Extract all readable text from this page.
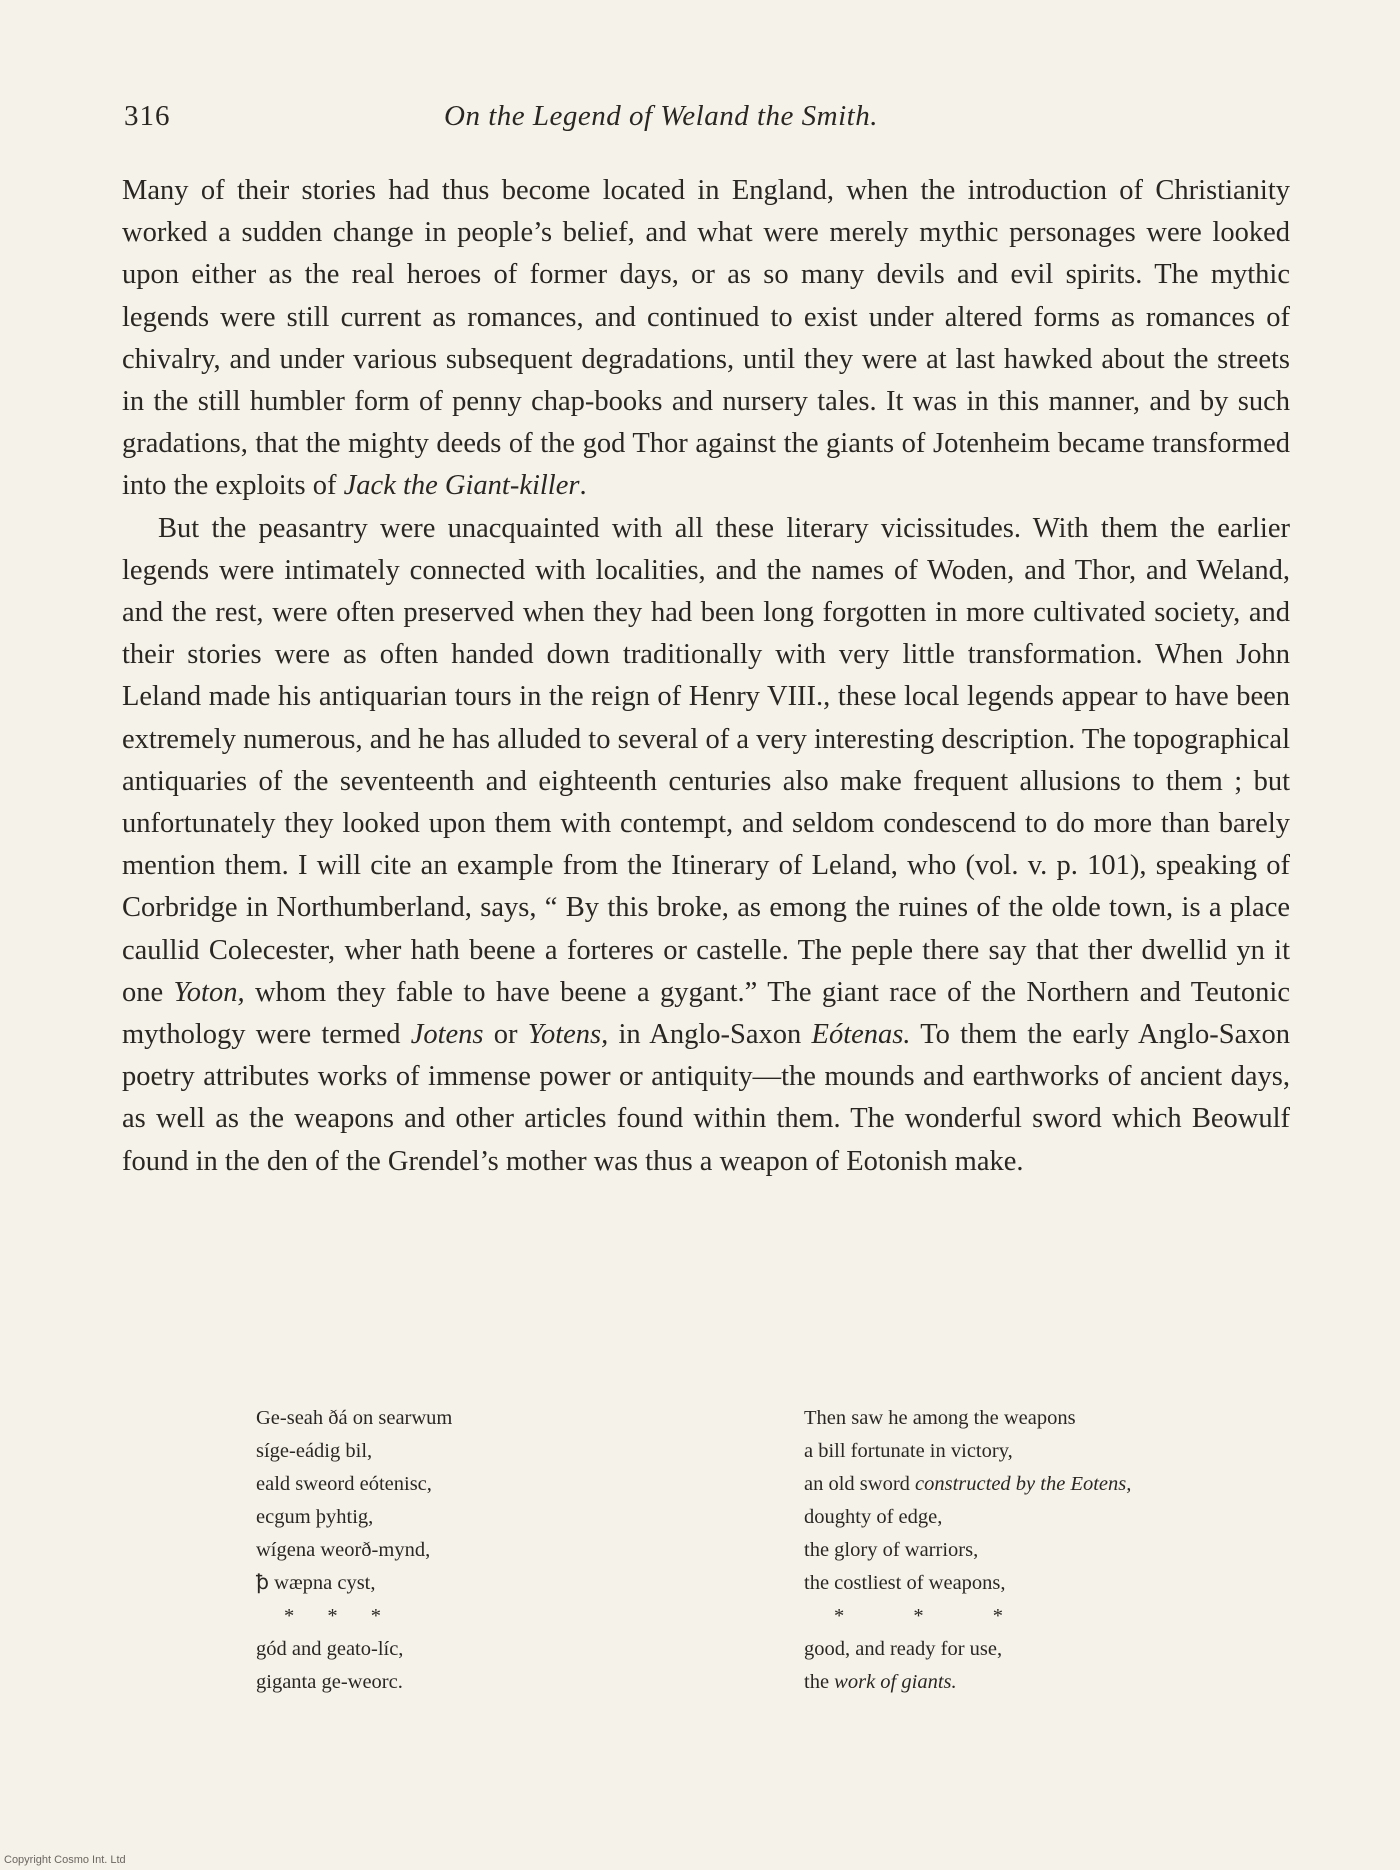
316	On the Legend of Weland the Smith.

Many of their stories had thus become located in England, when the introduction of Christianity worked a sudden change in people’s belief, and what were merely mythic personages were looked upon either as the real heroes of former days, or as so many devils and evil spirits. The mythic legends were still current as romances, and continued to exist under altered forms as romances of chivalry, and under various subsequent degradations, until they were at last hawked about the streets in the still humbler form of penny chap-books and nursery tales. It was in this manner, and by such gradations, that the mighty deeds of the god Thor against the giants of Jotenheim became transformed into the exploits of Jack the Giant-killer.

But the peasantry were unacquainted with all these literary vicissitudes. With them the earlier legends were intimately connected with localities, and the names of Woden, and Thor, and Weland, and the rest, were often preserved when they had been long forgotten in more cultivated society, and their stories were as often handed down traditionally with very little transformation. When John Leland made his antiquarian tours in the reign of Henry VIII., these local legends appear to have been extremely numerous, and he has alluded to several of a very interesting description. The topographical antiquaries of the seventeenth and eighteenth centuries also make frequent allusions to them ; but unfortunately they looked upon them with contempt, and seldom condescend to do more than barely mention them. I will cite an example from the Itinerary of Leland, who (vol. v. p. 101), speaking of Corbridge in Northumberland, says, “ By this broke, as emong the ruines of the olde town, is a place caullid Colecester, wher hath beene a forteres or castelle. The peple there say that ther dwellid yn it one Yoton, whom they fable to have beene a gygant.” The giant race of the Northern and Teutonic mythology were termed Jotens or Yotens, in Anglo-Saxon Eótenas. To them the early Anglo-Saxon poetry attributes works of immense power or antiquity—the mounds and earthworks of ancient days, as well as the weapons and other articles found within them. The wonderful sword which Beowulf found in the den of the Grendel’s mother was thus a weapon of Eotonish make.

Ge-seah ðá on searwum
síge-eádig bil,
eald sweord eótenisc,
ecgum þyhtig,
wígena weorð-mynd,
ꝥ wæpna cyst,
* * *
gód and geato-líc,
giganta ge-weorc.
Then saw he among the weapons
a bill fortunate in victory,
an old sword constructed by the Eotens,
doughty of edge,
the glory of warriors,
the costliest of weapons,
* * *
good, and ready for use,
the work of giants.
Copyright Cosmo Int. Ltd
